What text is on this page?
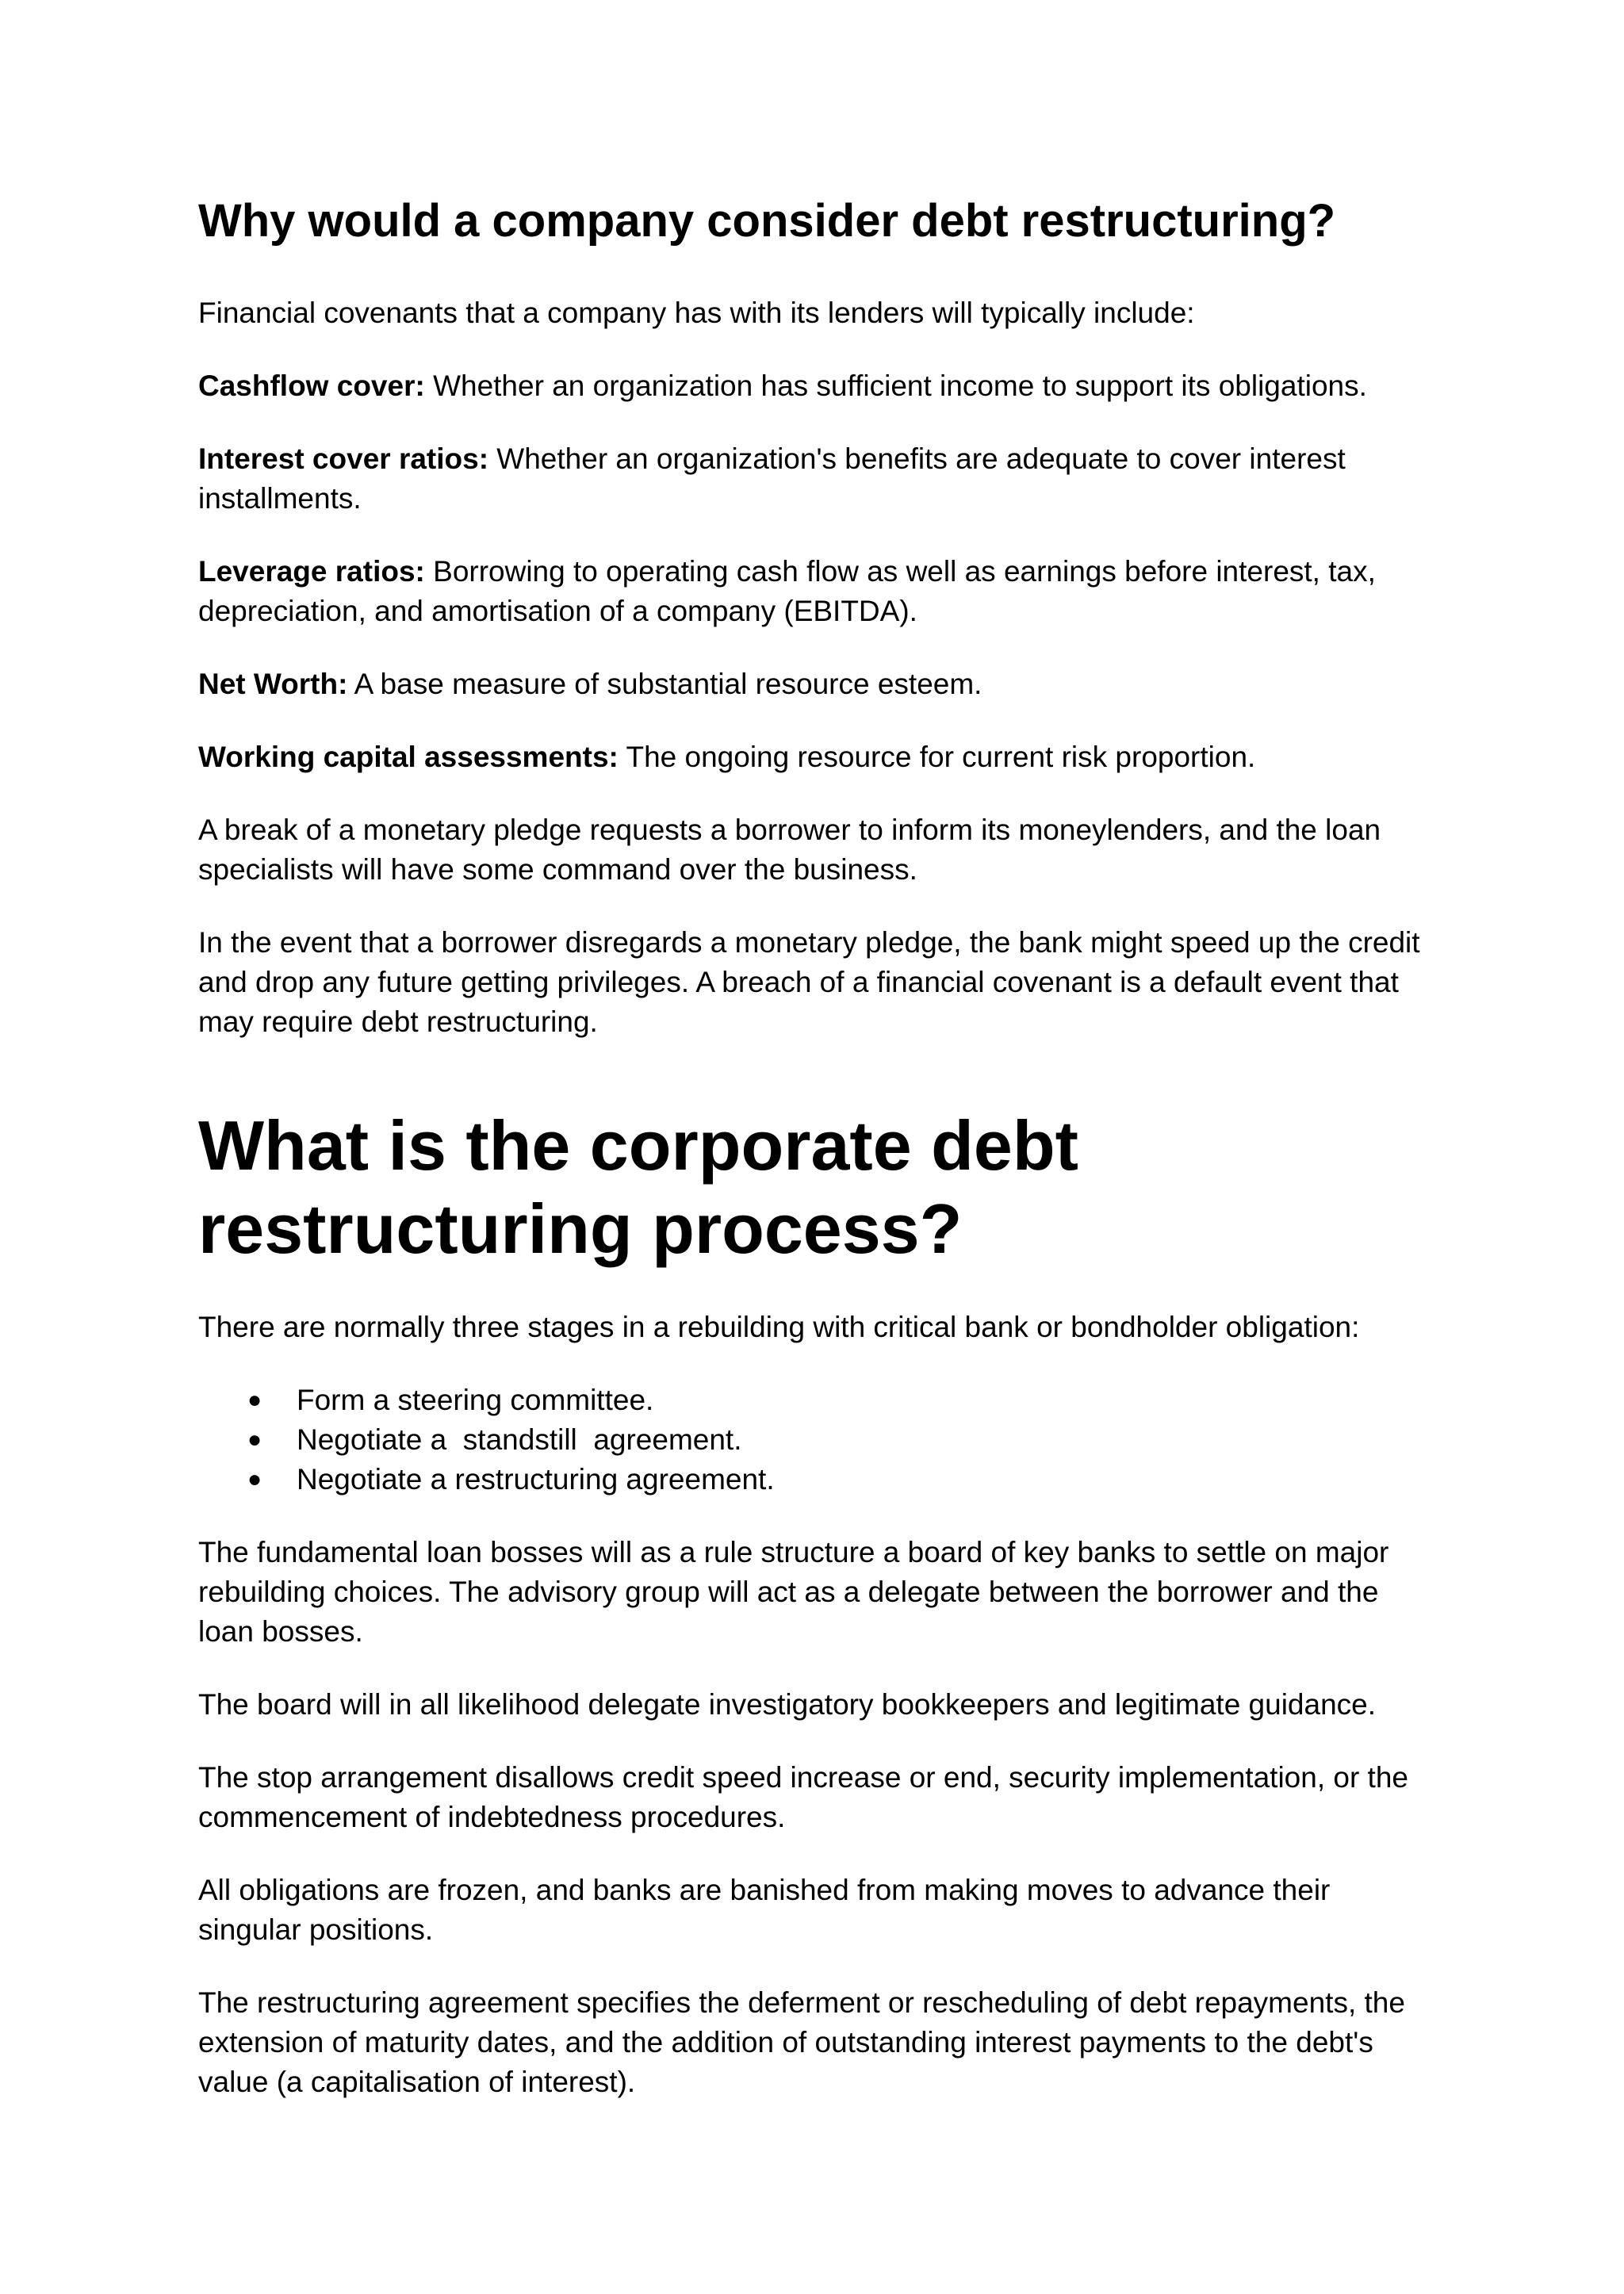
Why would a company consider debt restructuring?

Financial covenants that a company has with its lenders will typically include:

Cashflow cover: Whether an organization has sufficient income to support its obligations.

Interest cover ratios: Whether an organization's benefits are adequate to cover interest installments.

Leverage ratios: Borrowing to operating cash flow as well as earnings before interest, tax, depreciation, and amortisation of a company (EBITDA).

Net Worth: A base measure of substantial resource esteem.

Working capital assessments: The ongoing resource for current risk proportion.

A break of a monetary pledge requests a borrower to inform its moneylenders, and the loan specialists will have some command over the business.

In the event that a borrower disregards a monetary pledge, the bank might speed up the credit and drop any future getting privileges. A breach of a financial covenant is a default event that may require debt restructuring.

What is the corporate debt restructuring process?

There are normally three stages in a rebuilding with critical bank or bondholder obligation:

● Form a steering committee.
● Negotiate a  standstill  agreement.
● Negotiate a restructuring agreement.

The fundamental loan bosses will as a rule structure a board of key banks to settle on major rebuilding choices. The advisory group will act as a delegate between the borrower and the loan bosses.

The board will in all likelihood delegate investigatory bookkeepers and legitimate guidance.

The stop arrangement disallows credit speed increase or end, security implementation, or the commencement of indebtedness procedures.

All obligations are frozen, and banks are banished from making moves to advance their singular positions.

The restructuring agreement specifies the deferment or rescheduling of debt repayments, the extension of maturity dates, and the addition of outstanding interest payments to the debt's value (a capitalisation of interest).
